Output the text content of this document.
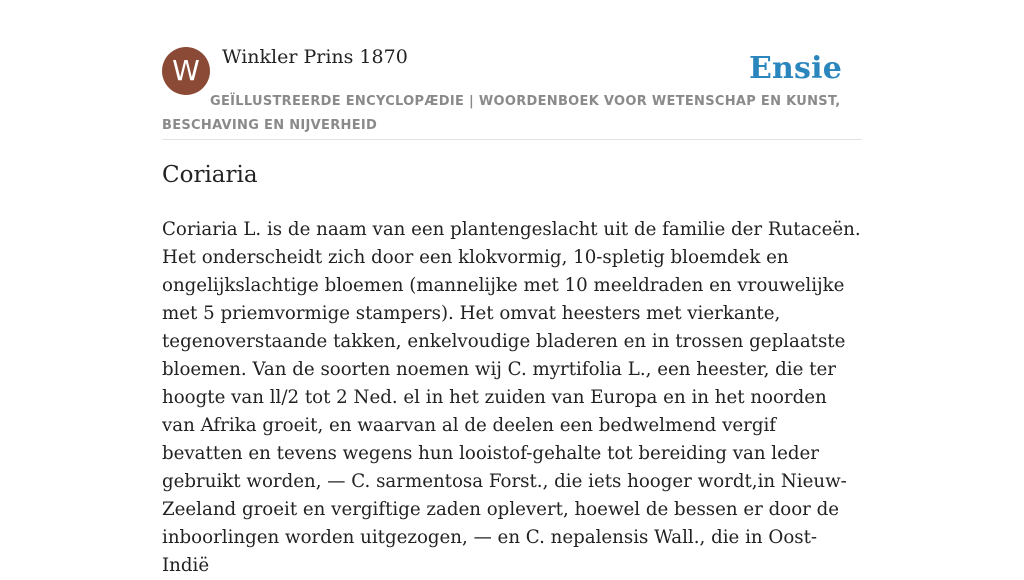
W	Winkler Prins 1870	Ensie
GEÏLLUSTREERDE ENCYCLOPÆDIE | WOORDENBOEK VOOR WETENSCHAP EN KUNST, BESCHAVING EN NIJVERHEID
Coriaria

Coriaria L. is de naam van een plantengeslacht uit de familie der Rutaceën. Het onderscheidt zich door een klokvormig, 10-spletig bloemdek en ongelijkslachtige bloemen (mannelijke met 10 meeldraden en vrouwelijke met 5 priemvormige stampers). Het omvat heesters met vierkante, tegenoverstaande takken, enkelvoudige bladeren en in trossen geplaatste bloemen. Van de soorten noemen wij C. myrtifolia L., een heester, die ter hoogte van ll/2 tot 2 Ned. el in het zuiden van Europa en in het noorden van Afrika groeit, en waarvan al de deelen een bedwelmend vergif bevatten en tevens wegens hun looistof-gehalte tot bereiding van leder gebruikt worden, — C. sarmentosa Forst., die iets hooger wordt,in Nieuw-Zeeland groeit en vergiftige zaden oplevert, hoewel de bessen er door de inboorlingen worden uitgezogen, — en C. nepalensis Wall., die in Oost-Indië
